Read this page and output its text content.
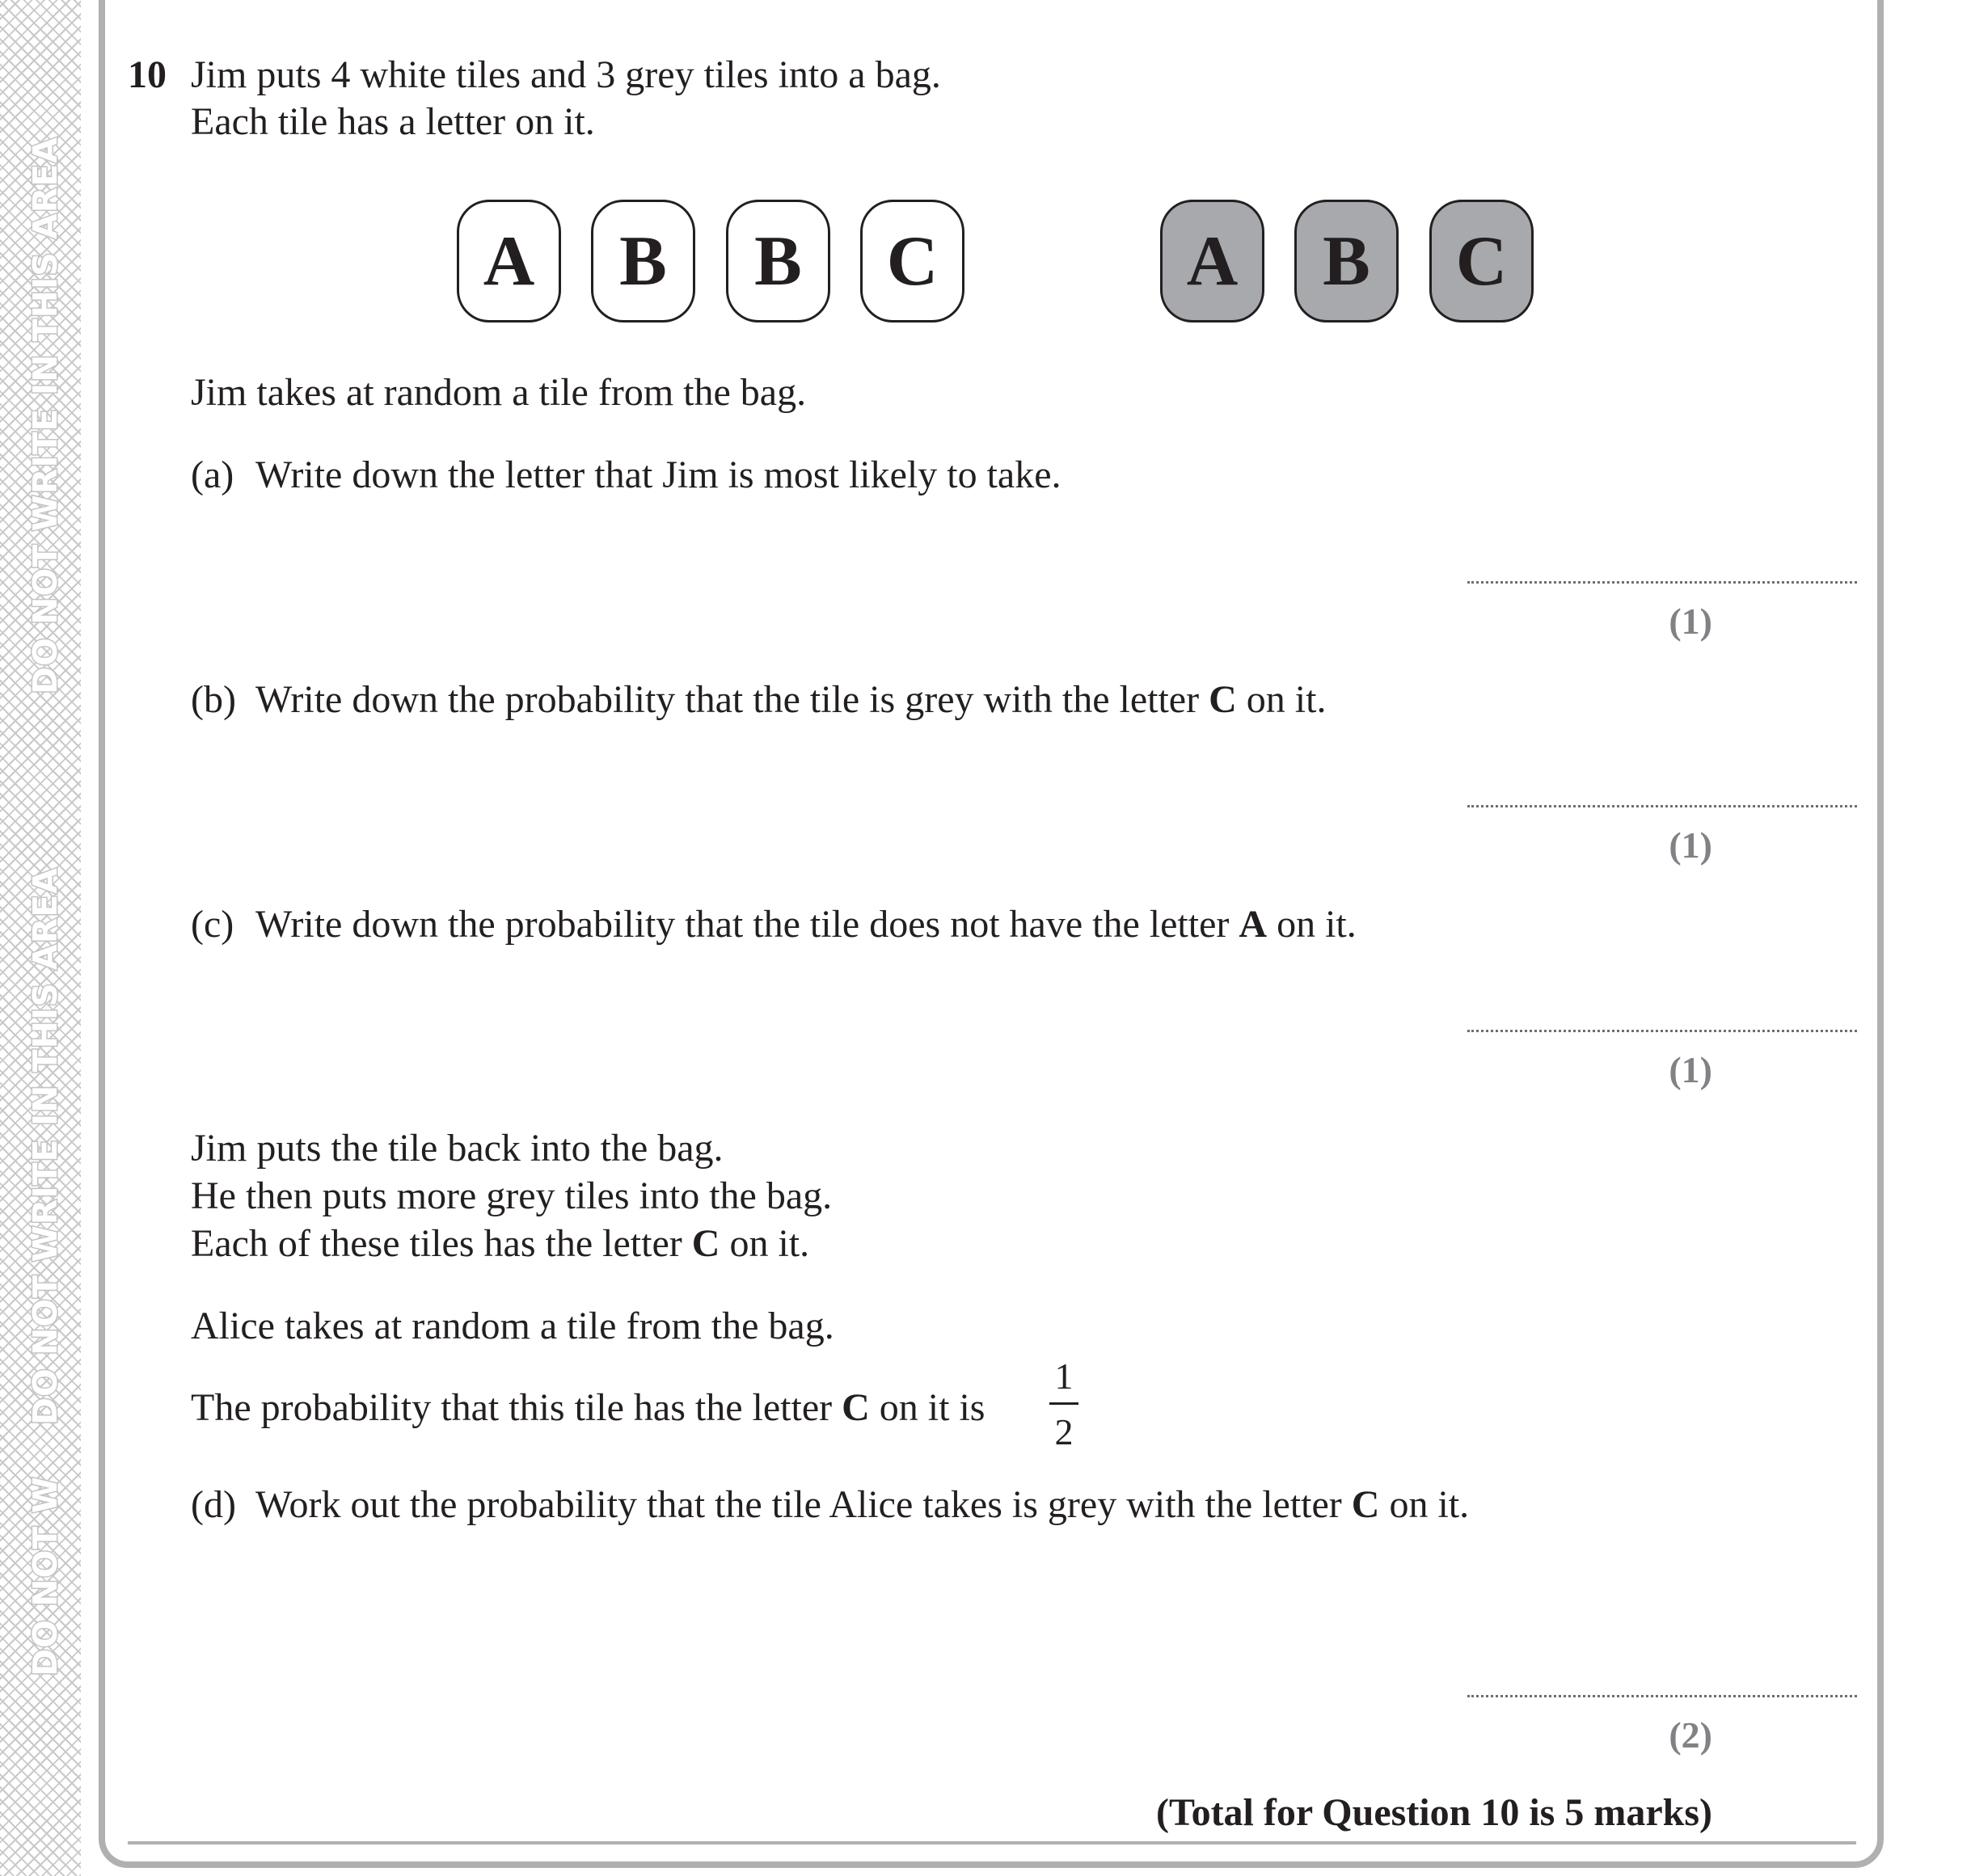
DO NOT WRITE IN THIS AREA
DO NOT WRITE IN THIS AREA
DO NOT W
10 Jim puts 4 white tiles and 3 grey tiles into a bag.
Each tile has a letter on it.
A	B	B	C	A	B	C
Jim takes at random a tile from the bag.
(a) Write down the letter that Jim is most likely to take.
(1)
(b) Write down the probability that the tile is grey with the letter C on it.
(1)
(c) Write down the probability that the tile does not have the letter A on it.
(1)
Jim puts the tile back into the bag.
He then puts more grey tiles into the bag.
Each of these tiles has the letter C on it.
Alice takes at random a tile from the bag.
The probability that this tile has the letter C on it is
1
2
(d) Work out the probability that the tile Alice takes is grey with the letter C on it.
(2)
(Total for Question 10 is 5 marks)
